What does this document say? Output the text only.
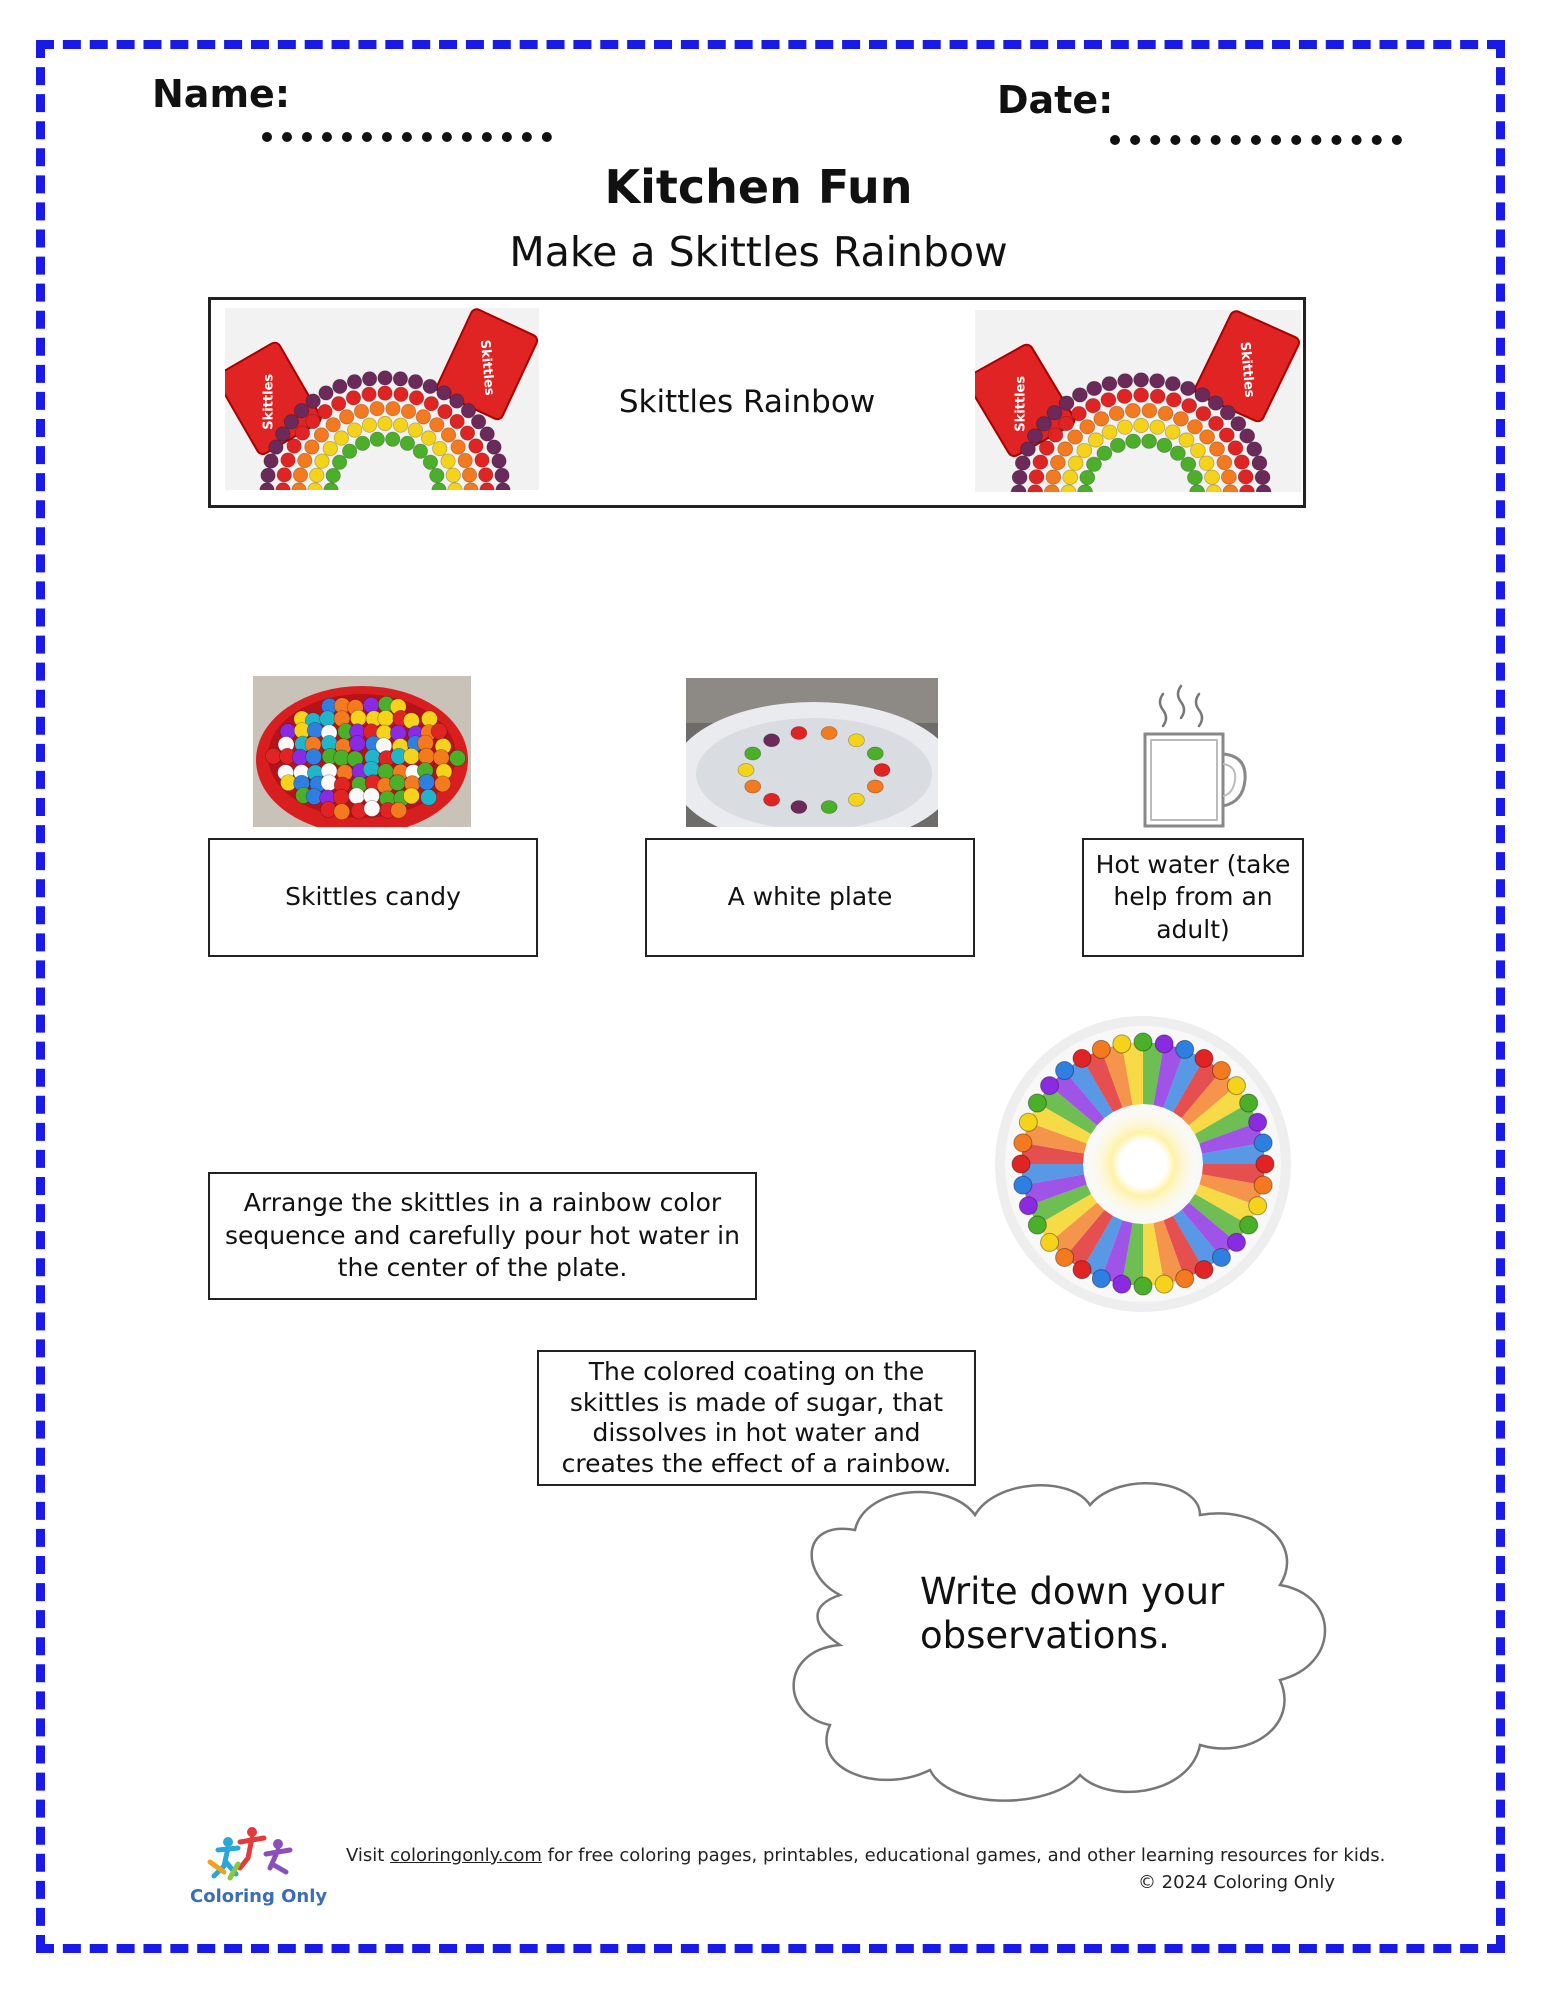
Name:	Date:
Kitchen Fun
Make a Skittles Rainbow
Skittles Rainbow
Skittles
Skittles
Skittles
Skittles
Skittles candy	A white plate
Hot water (take help from an adult)
Arrange the skittles in a rainbow color sequence and carefully pour hot water in the center of the plate.
The colored coating on the skittles is made of sugar, that dissolves in hot water and creates the effect of a rainbow.
Write down your observations.
Coloring Only
Visit coloringonly.com for free coloring pages, printables, educational games, and other learning resources for kids.
© 2024 Coloring Only
